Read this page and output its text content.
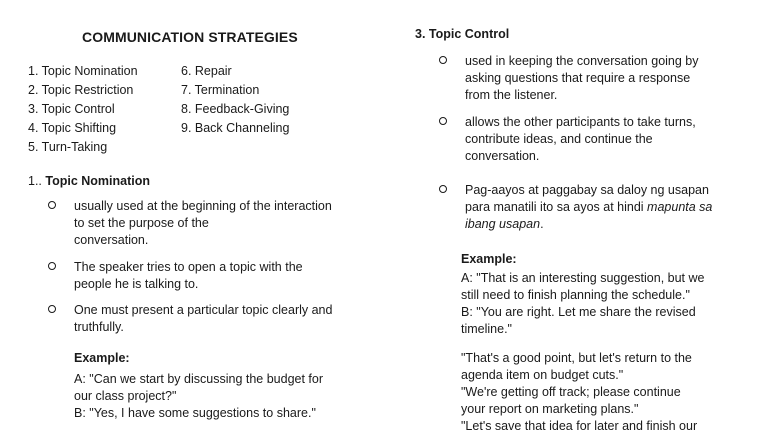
COMMUNICATION STRATEGIES
1. Topic Nomination
2. Topic Restriction
3. Topic Control
4. Topic Shifting
5. Turn-Taking
6. Repair
7. Termination
8. Feedback-Giving
9. Back Channeling
1.. Topic Nomination
usually used at the beginning of the interaction
to set the purpose of the
conversation.
The speaker tries to open a topic with the
people he is talking to.
One must present a particular topic clearly and
truthfully.
Example:
A: "Can we start by discussing the budget for
our class project?"
B: "Yes, I have some suggestions to share."
3. Topic Control
used in keeping the conversation going by
asking questions that require a response
from the listener.
allows the other participants to take turns,
contribute ideas, and continue the
conversation.
Pag-aayos at paggabay sa daloy ng usapan
para manatili ito sa ayos at hindi mapunta sa
ibang usapan.
Example:
A: "That is an interesting suggestion, but we
still need to finish planning the schedule."
B: "You are right. Let me share the revised
timeline."
"That's a good point, but let's return to the
agenda item on budget cuts."
"We're getting off track; please continue
your report on marketing plans."
"Let's save that idea for later and finish our
